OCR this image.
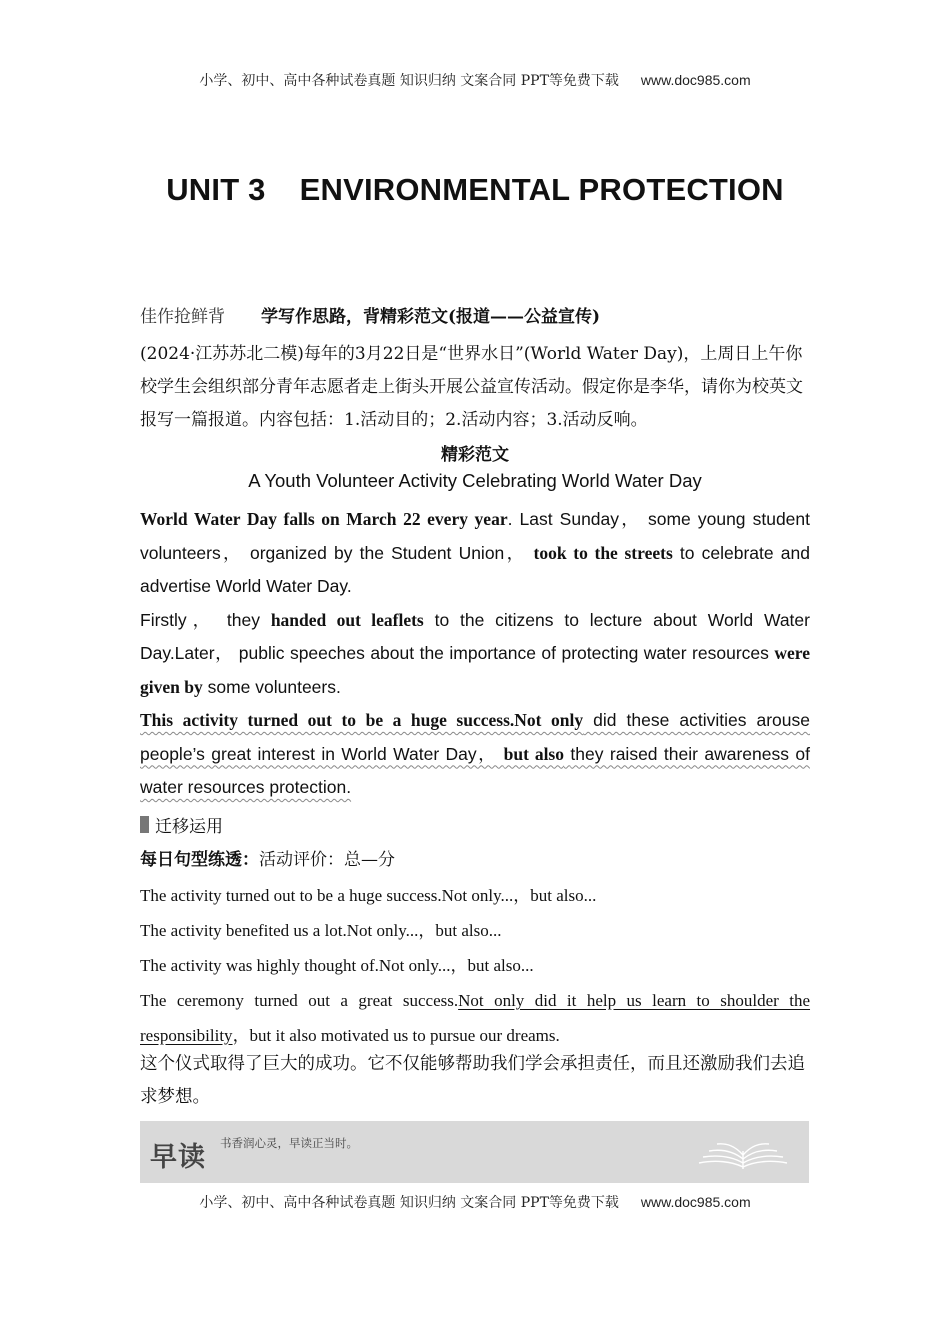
小学、初中、高中各种试卷真题 知识归纳 文案合同 PPT等免费下载 www.doc985.com
UNIT 3 ENVIRONMENTAL PROTECTION
佳作抢鲜背 学写作思路，背精彩范文(报道——公益宣传)
(2024·江苏苏北二模)每年的3月22日是“世界水日”(World Water Day)，上周日上午你校学生会组织部分青年志愿者走上街头开展公益宣传活动。假定你是李华，请你为校英文报写一篇报道。内容包括：1.活动目的；2.活动内容；3.活动反响。
精彩范文
A Youth Volunteer Activity Celebrating World Water Day

World Water Day falls on March 22 every year. Last Sunday， some young student volunteers， organized by the Student Union， took to the streets to celebrate and advertise World Water Day.

Firstly， they handed out leaflets to the citizens to lecture about World Water Day.Later， public speeches about the importance of protecting water resources were given by some volunteers.

This activity turned out to be a huge success.Not only did these activities arouse people’s great interest in World Water Day， but also they raised their awareness of water resources protection.

迁移运用
每日句型练透：活动评价：总—分

The activity turned out to be a huge success.Not only...，but also...

The activity benefited us a lot.Not only...，but also...

The activity was highly thought of.Not only...，but also...

The ceremony turned out a great success.Not only did it help us learn to shoulder the responsibility，but it also motivated us to pursue our dreams.

这个仪式取得了巨大的成功。它不仅能够帮助我们学会承担责任，而且还激励我们去追求梦想。
早读 书香润心灵，早读正当时。
小学、初中、高中各种试卷真题 知识归纳 文案合同 PPT等免费下载 www.doc985.com
